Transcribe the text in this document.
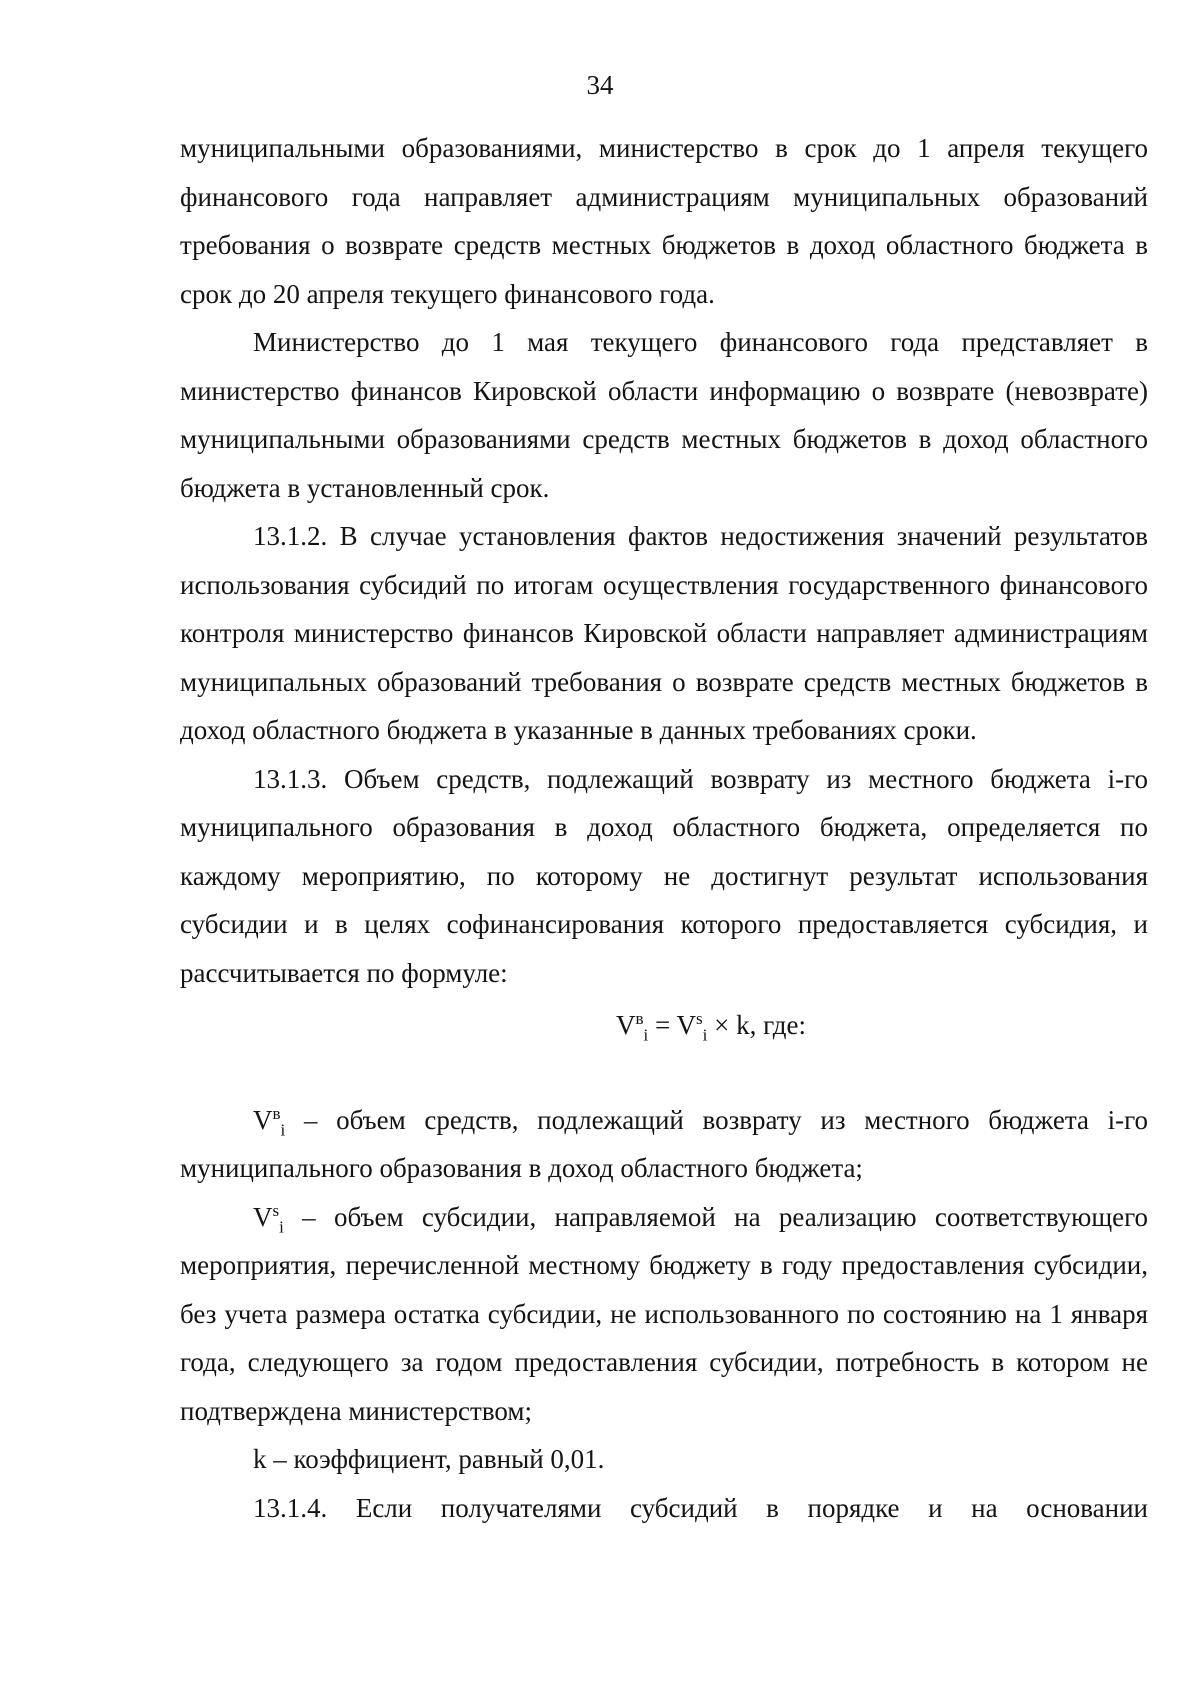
34

муниципальными образованиями, министерство в срок до 1 апреля текущего финансового года направляет администрациям муниципальных образований требования о возврате средств местных бюджетов в доход областного бюджета в срок до 20 апреля текущего финансового года.

Министерство до 1 мая текущего финансового года представляет в министерство финансов Кировской области информацию о возврате (невозврате) муниципальными образованиями средств местных бюджетов в доход областного бюджета в установленный срок.

13.1.2. В случае установления фактов недостижения значений результатов использования субсидий по итогам осуществления государственного финансового контроля министерство финансов Кировской области направляет администрациям муниципальных образований требования о возврате средств местных бюджетов в доход областного бюджета в указанные в данных требованиях сроки.

13.1.3. Объем средств, подлежащий возврату из местного бюджета i-го муниципального образования в доход областного бюджета, определяется по каждому мероприятию, по которому не достигнут результат использования субсидии и в целях софинансирования которого предоставляется субсидия, и рассчитывается по формуле:

$V^в_i = V^s_i \times k$, где:

$V^в_i$ – объем средств, подлежащий возврату из местного бюджета i-го муниципального образования в доход областного бюджета;

$V^s_i$ – объем субсидии, направляемой на реализацию соответствующего мероприятия, перечисленной местному бюджету в году предоставления субсидии, без учета размера остатка субсидии, не использованного по состоянию на 1 января года, следующего за годом предоставления субсидии, потребность в котором не подтверждена министерством;

k – коэффициент, равный 0,01.

13.1.4. Если получателями субсидий в порядке и на основании
